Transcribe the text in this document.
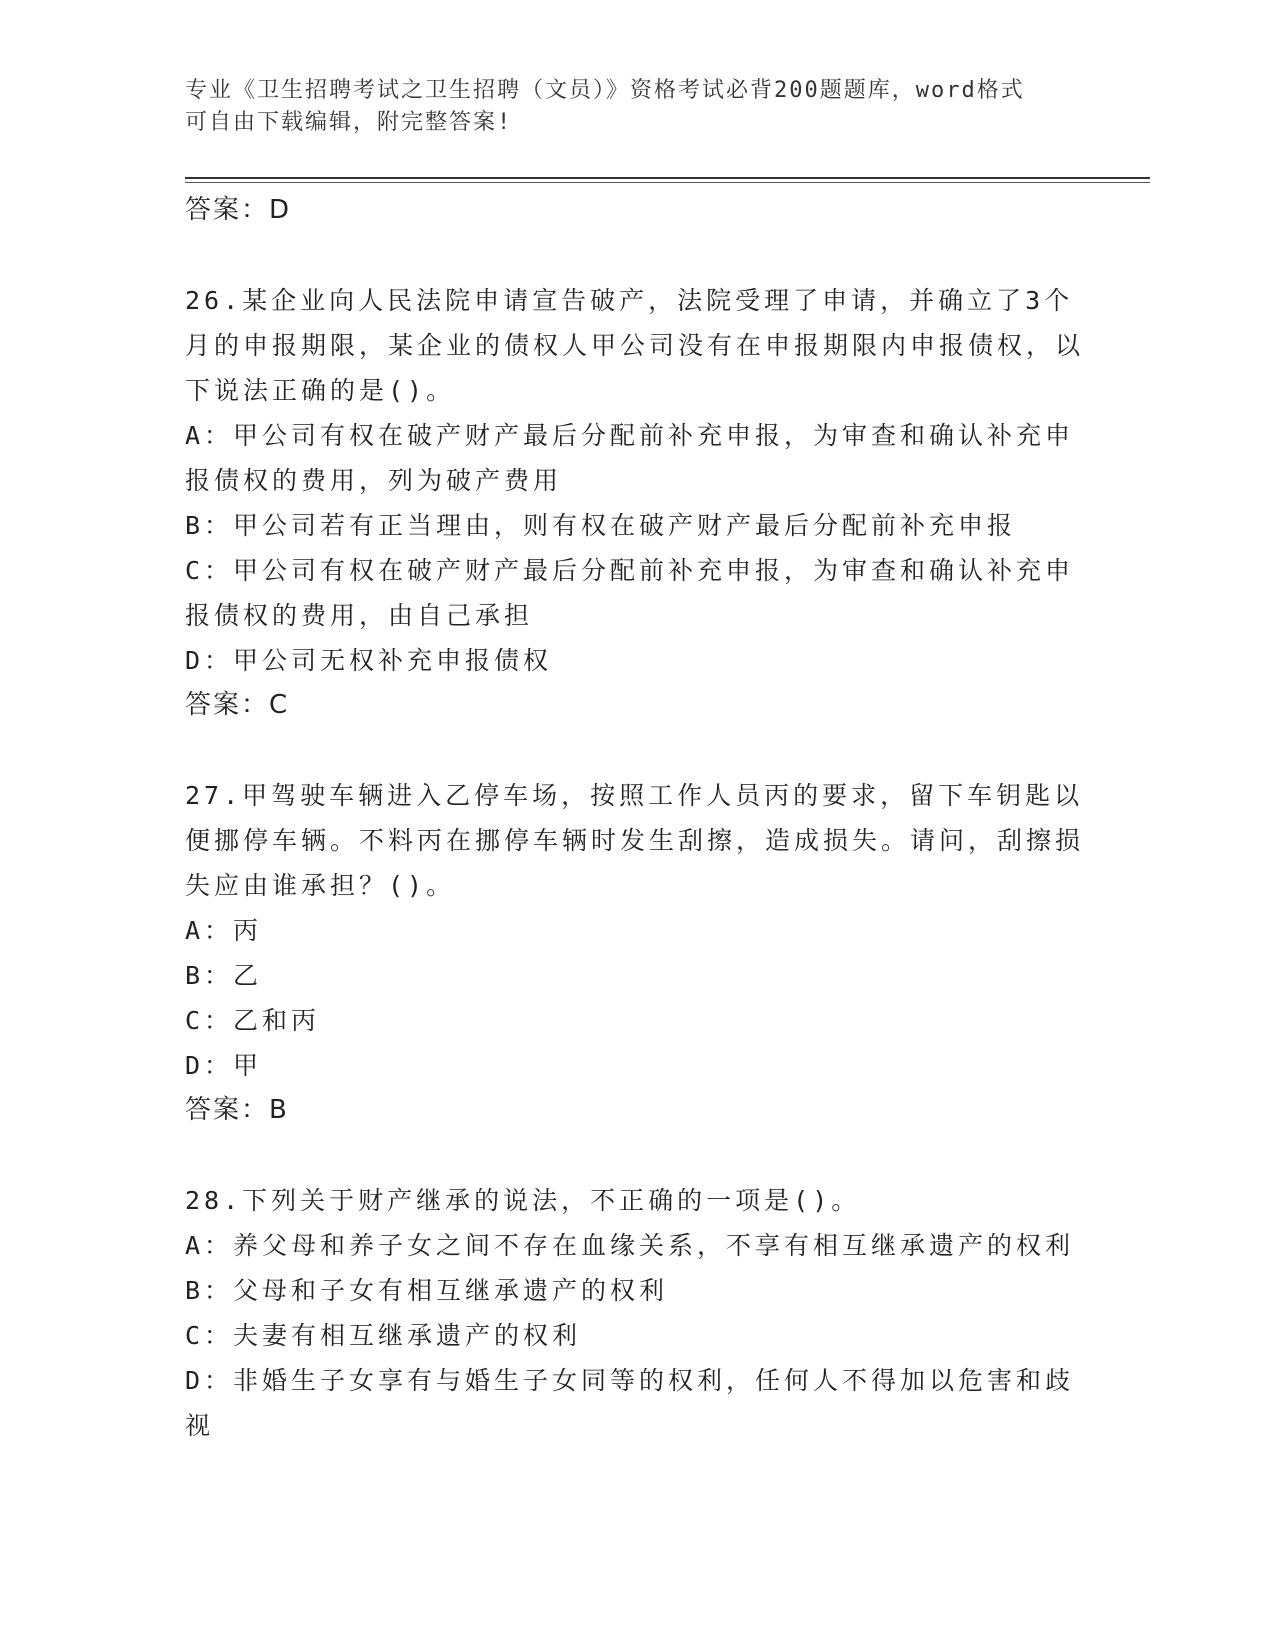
专业《卫生招聘考试之卫生招聘（文员）》资格考试必背200题题库，word格式
可自由下载编辑，附完整答案!
答案：D
26.某企业向人民法院申请宣告破产，法院受理了申请，并确立了3个月的申报期限，某企业的债权人甲公司没有在申报期限内申报债权，以下说法正确的是()。
A：甲公司有权在破产财产最后分配前补充申报，为审查和确认补充申报债权的费用，列为破产费用
B：甲公司若有正当理由，则有权在破产财产最后分配前补充申报
C：甲公司有权在破产财产最后分配前补充申报，为审查和确认补充申报债权的费用，由自己承担
D：甲公司无权补充申报债权
答案：C
27.甲驾驶车辆进入乙停车场，按照工作人员丙的要求，留下车钥匙以便挪停车辆。不料丙在挪停车辆时发生刮擦，造成损失。请问，刮擦损失应由谁承担？()。
A：丙
B：乙
C：乙和丙
D：甲
答案：B
28.下列关于财产继承的说法，不正确的一项是()。
A：养父母和养子女之间不存在血缘关系，不享有相互继承遗产的权利
B：父母和子女有相互继承遗产的权利
C：夫妻有相互继承遗产的权利
D：非婚生子女享有与婚生子女同等的权利，任何人不得加以危害和歧视
